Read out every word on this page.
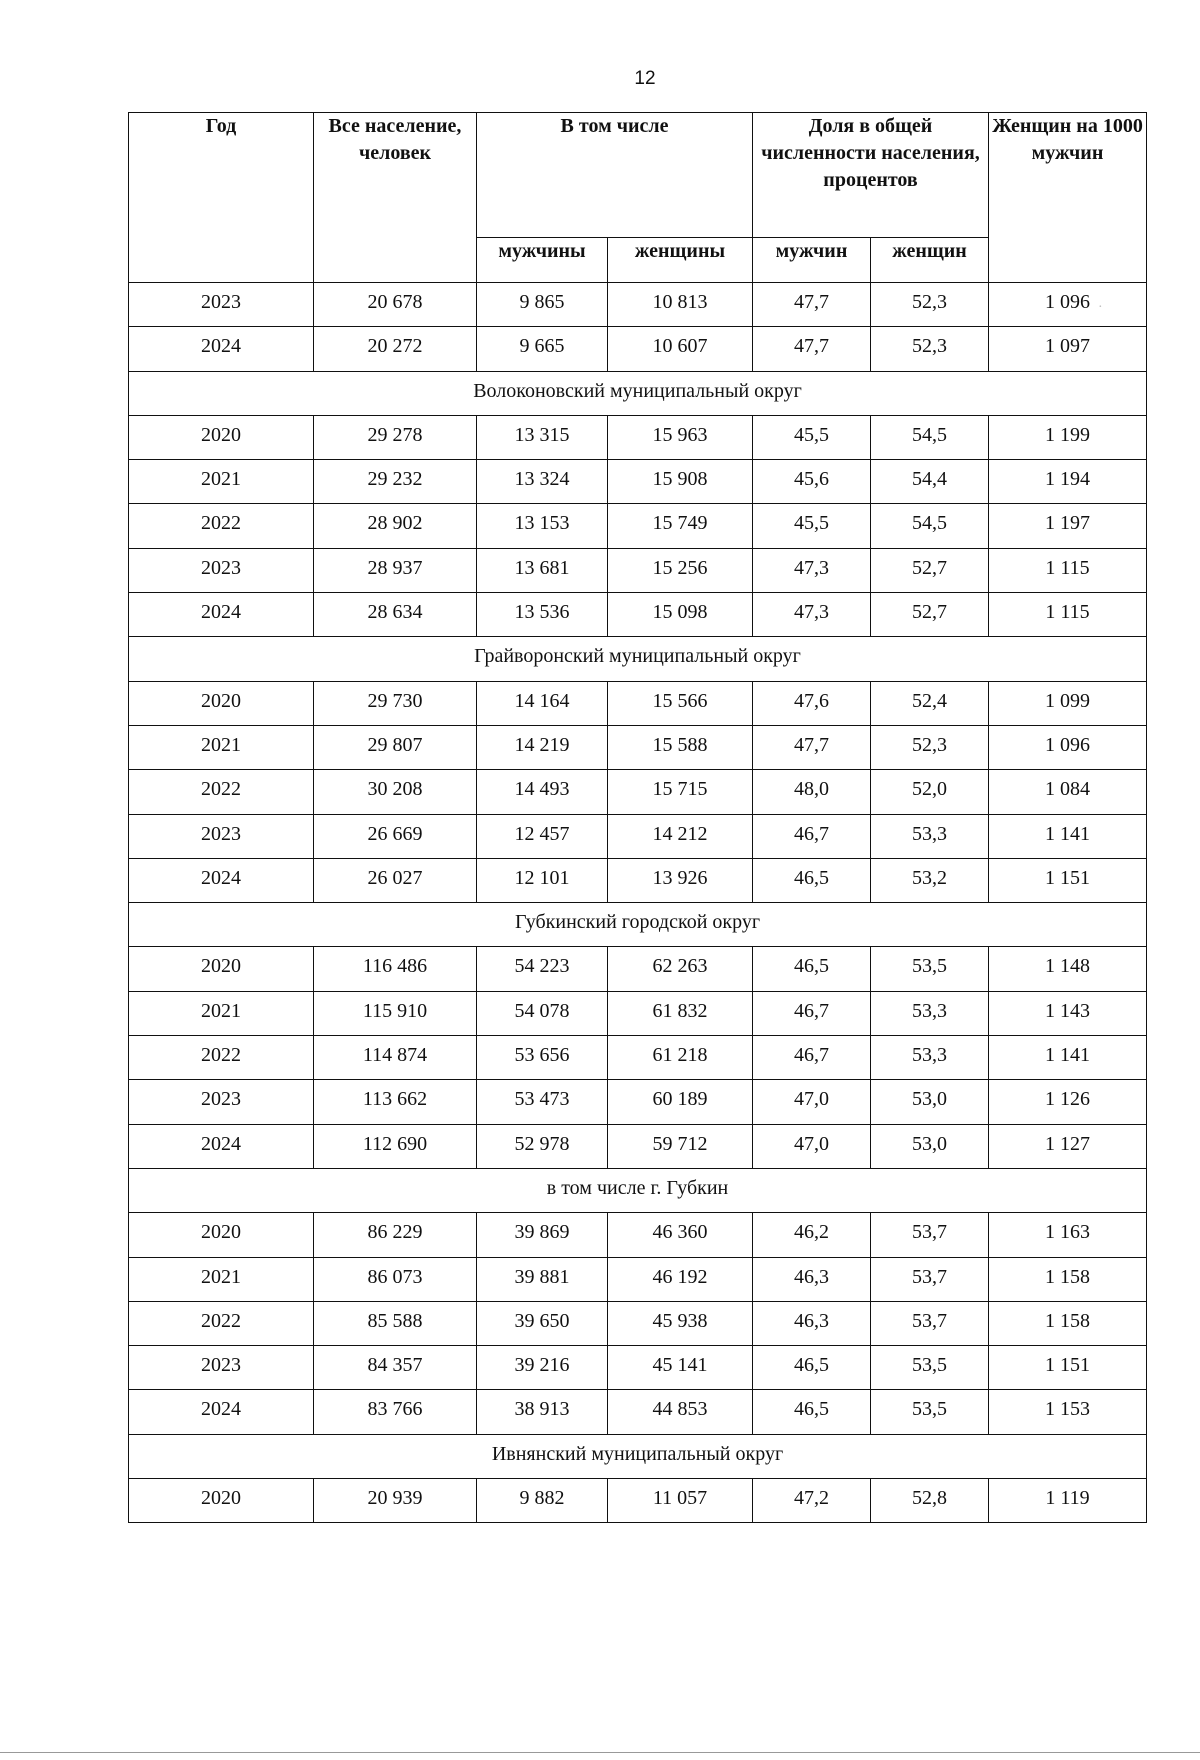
12
Год	Все население, человек	В том числе		Доля в общей численности населения, процентов		Женщин на 1000 мужчин
		мужчины	женщины	мужчин	женщин	
2023	20 678	9 865	10 813	47,7	52,3	1 096
2024	20 272	9 665	10 607	47,7	52,3	1 097
Волоконовский муниципальный округ						
2020	29 278	13 315	15 963	45,5	54,5	1 199
2021	29 232	13 324	15 908	45,6	54,4	1 194
2022	28 902	13 153	15 749	45,5	54,5	1 197
2023	28 937	13 681	15 256	47,3	52,7	1 115
2024	28 634	13 536	15 098	47,3	52,7	1 115
Грайворонский муниципальный округ						
2020	29 730	14 164	15 566	47,6	52,4	1 099
2021	29 807	14 219	15 588	47,7	52,3	1 096
2022	30 208	14 493	15 715	48,0	52,0	1 084
2023	26 669	12 457	14 212	46,7	53,3	1 141
2024	26 027	12 101	13 926	46,5	53,2	1 151
Губкинский городской округ						
2020	116 486	54 223	62 263	46,5	53,5	1 148
2021	115 910	54 078	61 832	46,7	53,3	1 143
2022	114 874	53 656	61 218	46,7	53,3	1 141
2023	113 662	53 473	60 189	47,0	53,0	1 126
2024	112 690	52 978	59 712	47,0	53,0	1 127
в том числе г. Губкин						
2020	86 229	39 869	46 360	46,2	53,7	1 163
2021	86 073	39 881	46 192	46,3	53,7	1 158
2022	85 588	39 650	45 938	46,3	53,7	1 158
2023	84 357	39 216	45 141	46,5	53,5	1 151
2024	83 766	38 913	44 853	46,5	53,5	1 153
Ивнянский муниципальный округ						
2020	20 939	9 882	11 057	47,2	52,8	1 119
·
